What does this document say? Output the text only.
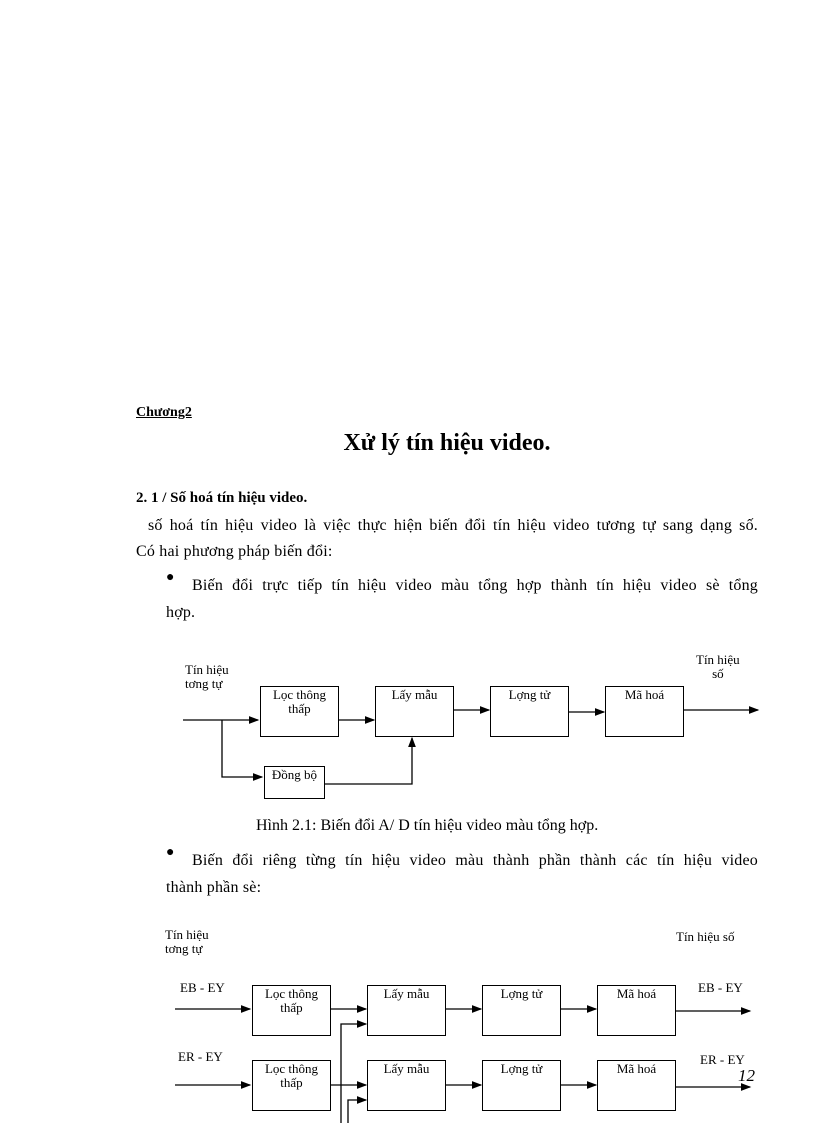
Chương2
Xử lý tín hiệu video.
2. 1 / Số hoá tín hiệu video.
số hoá tín hiệu video là việc thực hiện biến đổi tín hiệu video tương tự sang dạng số.
Có hai phương pháp biến đổi:
● Biến đổi trực tiếp tín hiệu video màu tổng hợp thành tín hiệu video sè tổng
hợp.
Tín hiệu
tơng tự
Tín hiệu
số
Lọc thông
thấp
Lấy mẫu	Lợng tử	Mã hoá
Đồng bộ
Hình 2.1: Biến đổi A/ D tín hiệu video màu tổng hợp.
● Biến đổi riêng từng tín hiệu video màu thành phần thành các tín hiệu video
thành phần sè:
Tín hiệu
tơng tự
Tín hiệu số
EB - EY	EB - EY
ER - EY	ER - EY
Lọc thông
thấp
Lấy mẫu	Lợng tử	Mã hoá
Lọc thông
thấp
Lấy mẫu	Lợng tử	Mã hoá	12
